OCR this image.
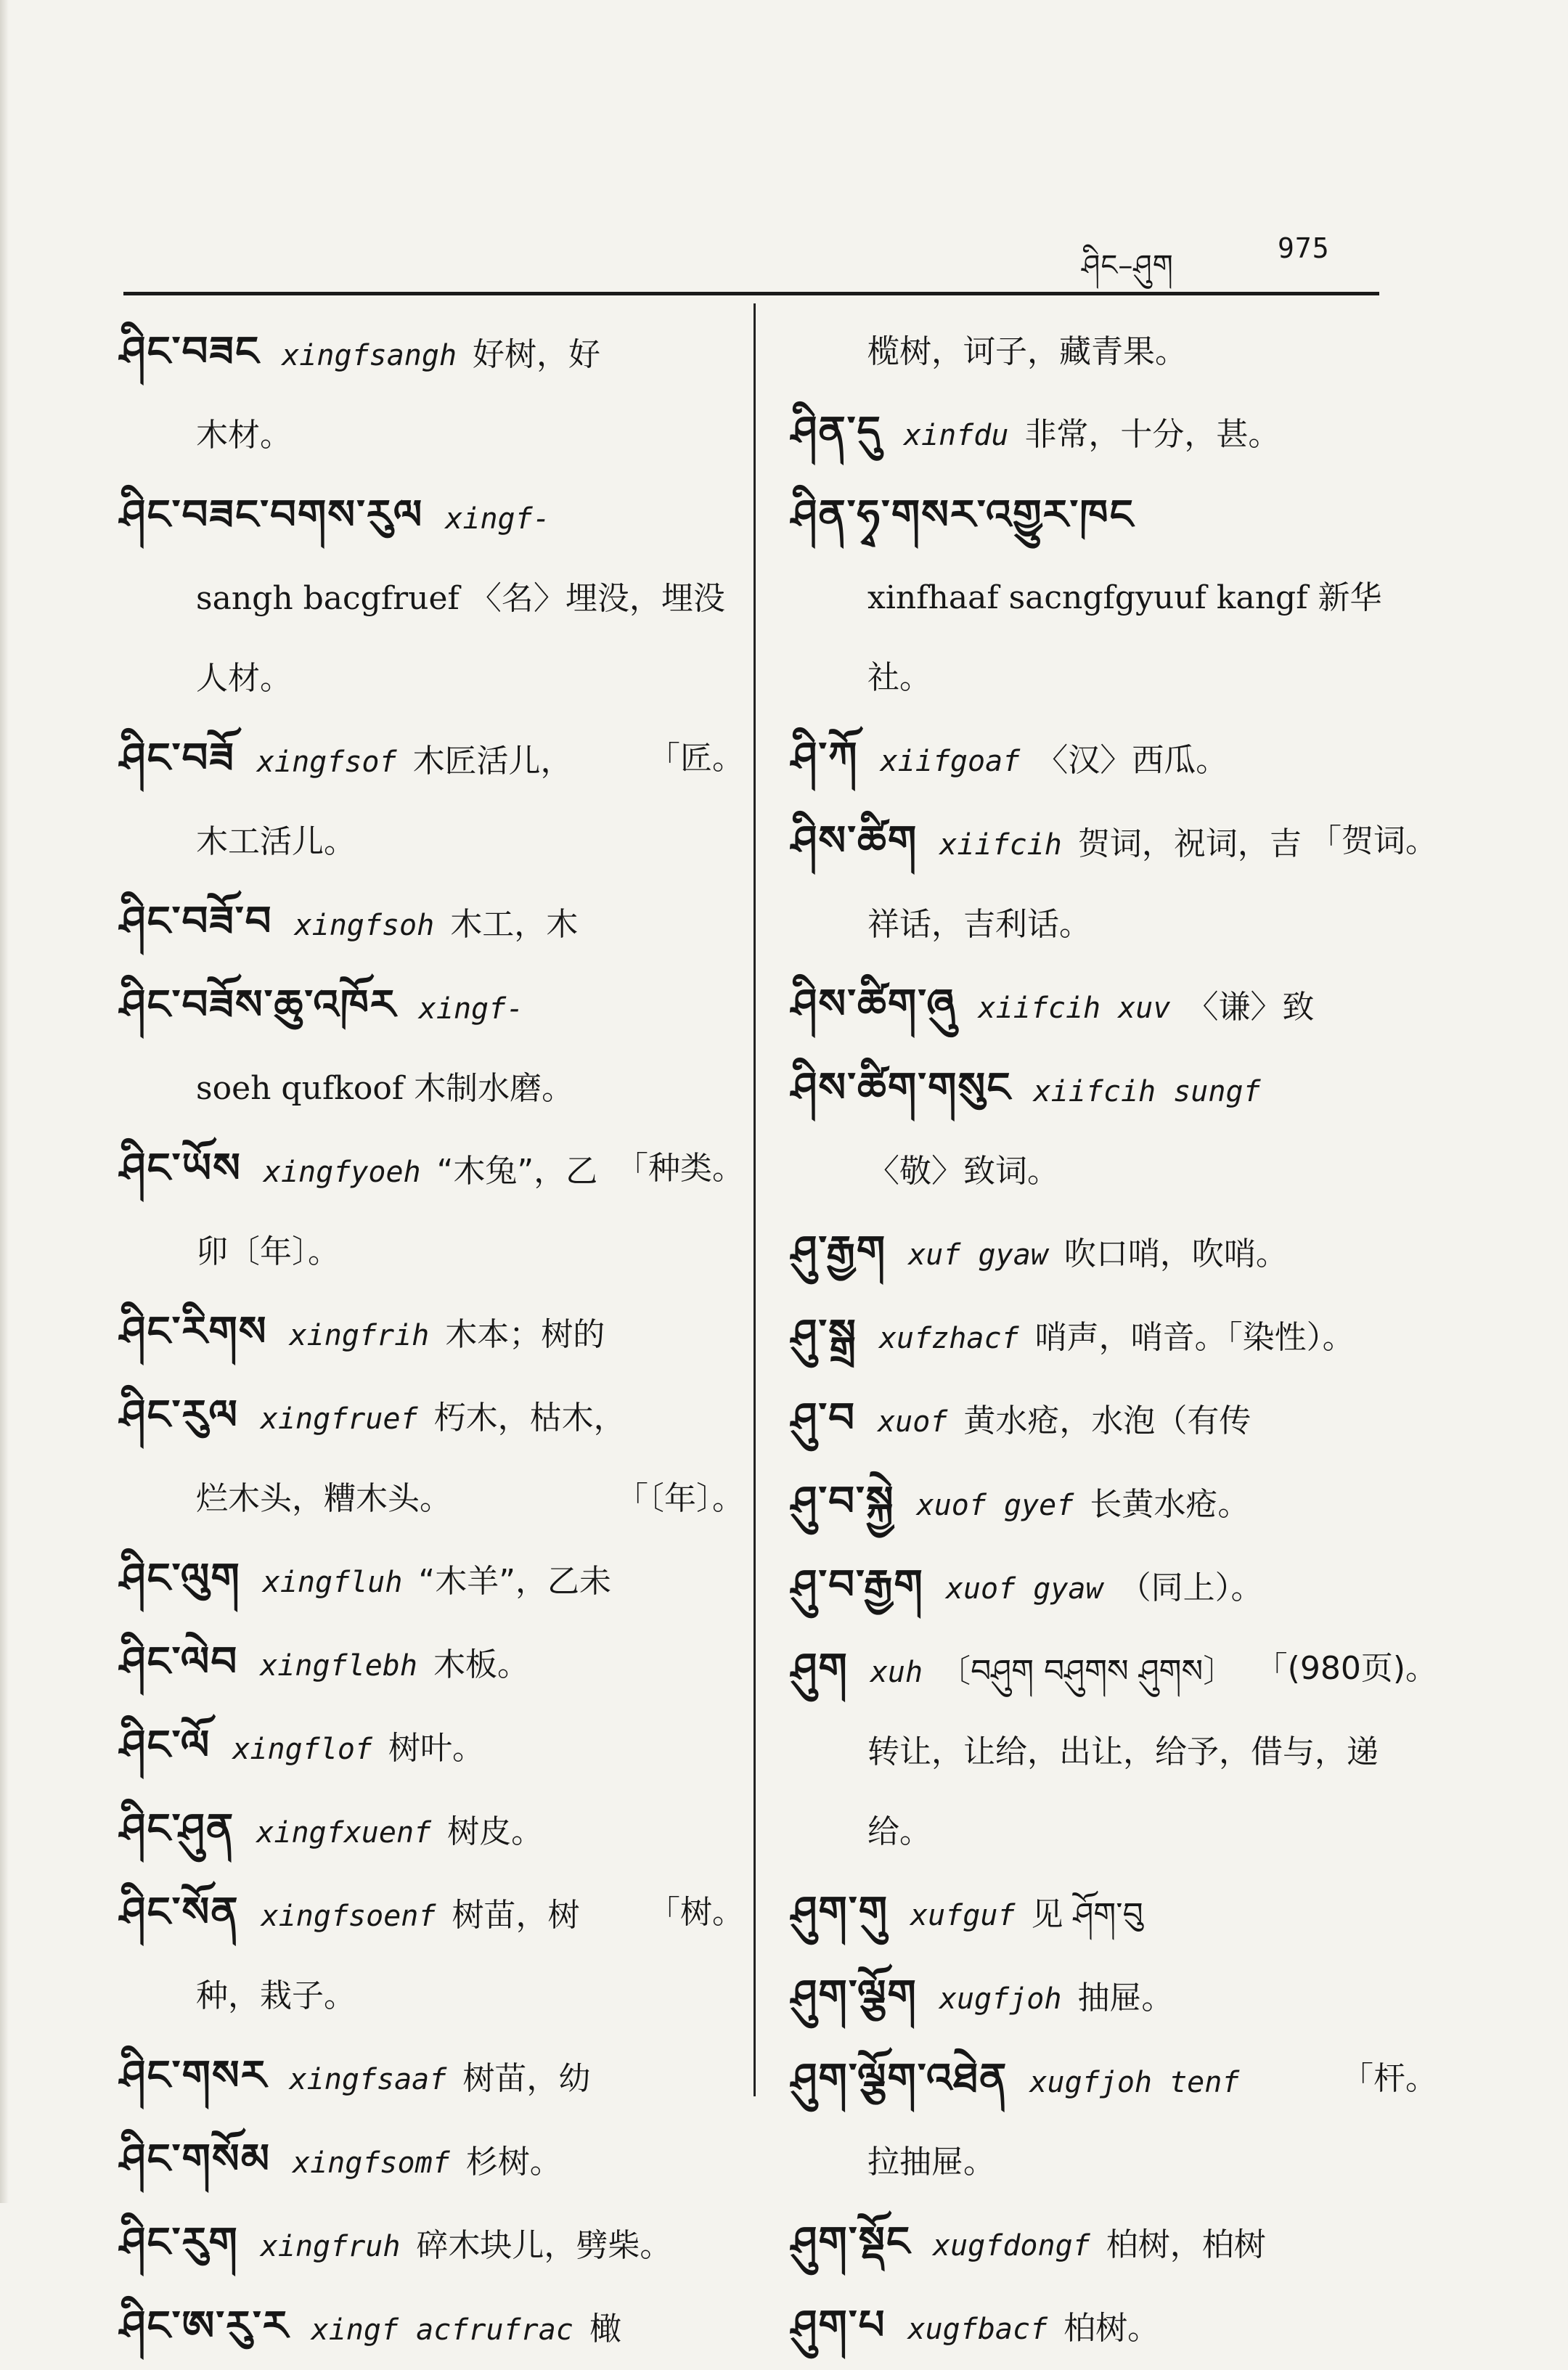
ཤིང–ཤུག
975
ཤིང་བཟང xingfsangh 好树，好
木材。
ཤིང་བཟང་བགས་རུལ xingf-
sangh bacgfruef 〈名〉埋没，埋没人材。
ཤིང་བཟོ xingfsof 木匠活儿， 「匠。
木工活儿。
ཤིང་བཟོ་བ xingfsoh 木工，木
ཤིང་བཟོས་ཆུ་འཁོར xingf-
soeh qufkoof 木制水磨。
ཤིང་ཡོས xingfyoeh “木兔”，乙 「种类。
卯〔年〕。
ཤིང་རིགས xingfrih 木本；树的
ཤིང་རུལ xingfruef 朽木，枯木，
「〔年〕。
烂木头，糟木头。
ཤིང་ལུག xingfluh “木羊”，乙未
ཤིང་ལེབ xingflebh 木板。
ཤིང་ལོ xingflof 树叶。
ཤིང་ཤུན xingfxuenf 树皮。
ཤིང་སོན xingfsoenf 树苗，树 「树。
种，栽子。
ཤིང་གསར xingfsaaf 树苗，幼
ཤིང་གསོམ xingfsomf 杉树。
ཤིང་རུག xingfruh 碎木块儿，劈柴。
ཤིང་ཨ་རུ་ར xingf acfrufrac 橄
榄树，诃子，藏青果。
ཤིན་དུ xinfdu 非常，十分，甚。
ཤིན་ཧྭ་གསར་འགྱུར་ཁང
xinfhaaf sacngfgyuuf kangf 新华社。
ཤི་ཀོ xiifgoaf 〈汉〉西瓜。
ཤིས་ཚིག xiifcih 贺词，祝词，吉 「贺词。
祥话，吉利话。
ཤིས་ཚིག་ཞུ xiifcih xuv 〈谦〉致
ཤིས་ཚིག་གསུང xiifcih sungf
〈敬〉致词。
ཤུ་རྒྱག xuf gyaw 吹口哨，吹哨。
ཤུ་སྒྲ xufzhacf 哨声，哨音。「染性）。
ཤུ་བ xuof 黄水疮，水泡（有传
ཤུ་བ་སྐྱེ xuof gyef 长黄水疮。
ཤུ་བ་རྒྱག xuof gyaw （同上）。
ཤུག xuh 〔བཤུག བཤུགས ཤུགས〕 「(980页)。
转让，让给，出让，给予，借与，递给。
ཤུག་གུ xufguf 见 ཤོག་བུ
ཤུག་ལྕོག xugfjoh 抽屉。
ཤུག་ལྕོག་འཐེན xugfjoh tenf	「杆。
拉抽屉。
ཤུག་སྡོང xugfdongf 柏树，柏树
ཤུག་པ xugfbacf 柏树。
